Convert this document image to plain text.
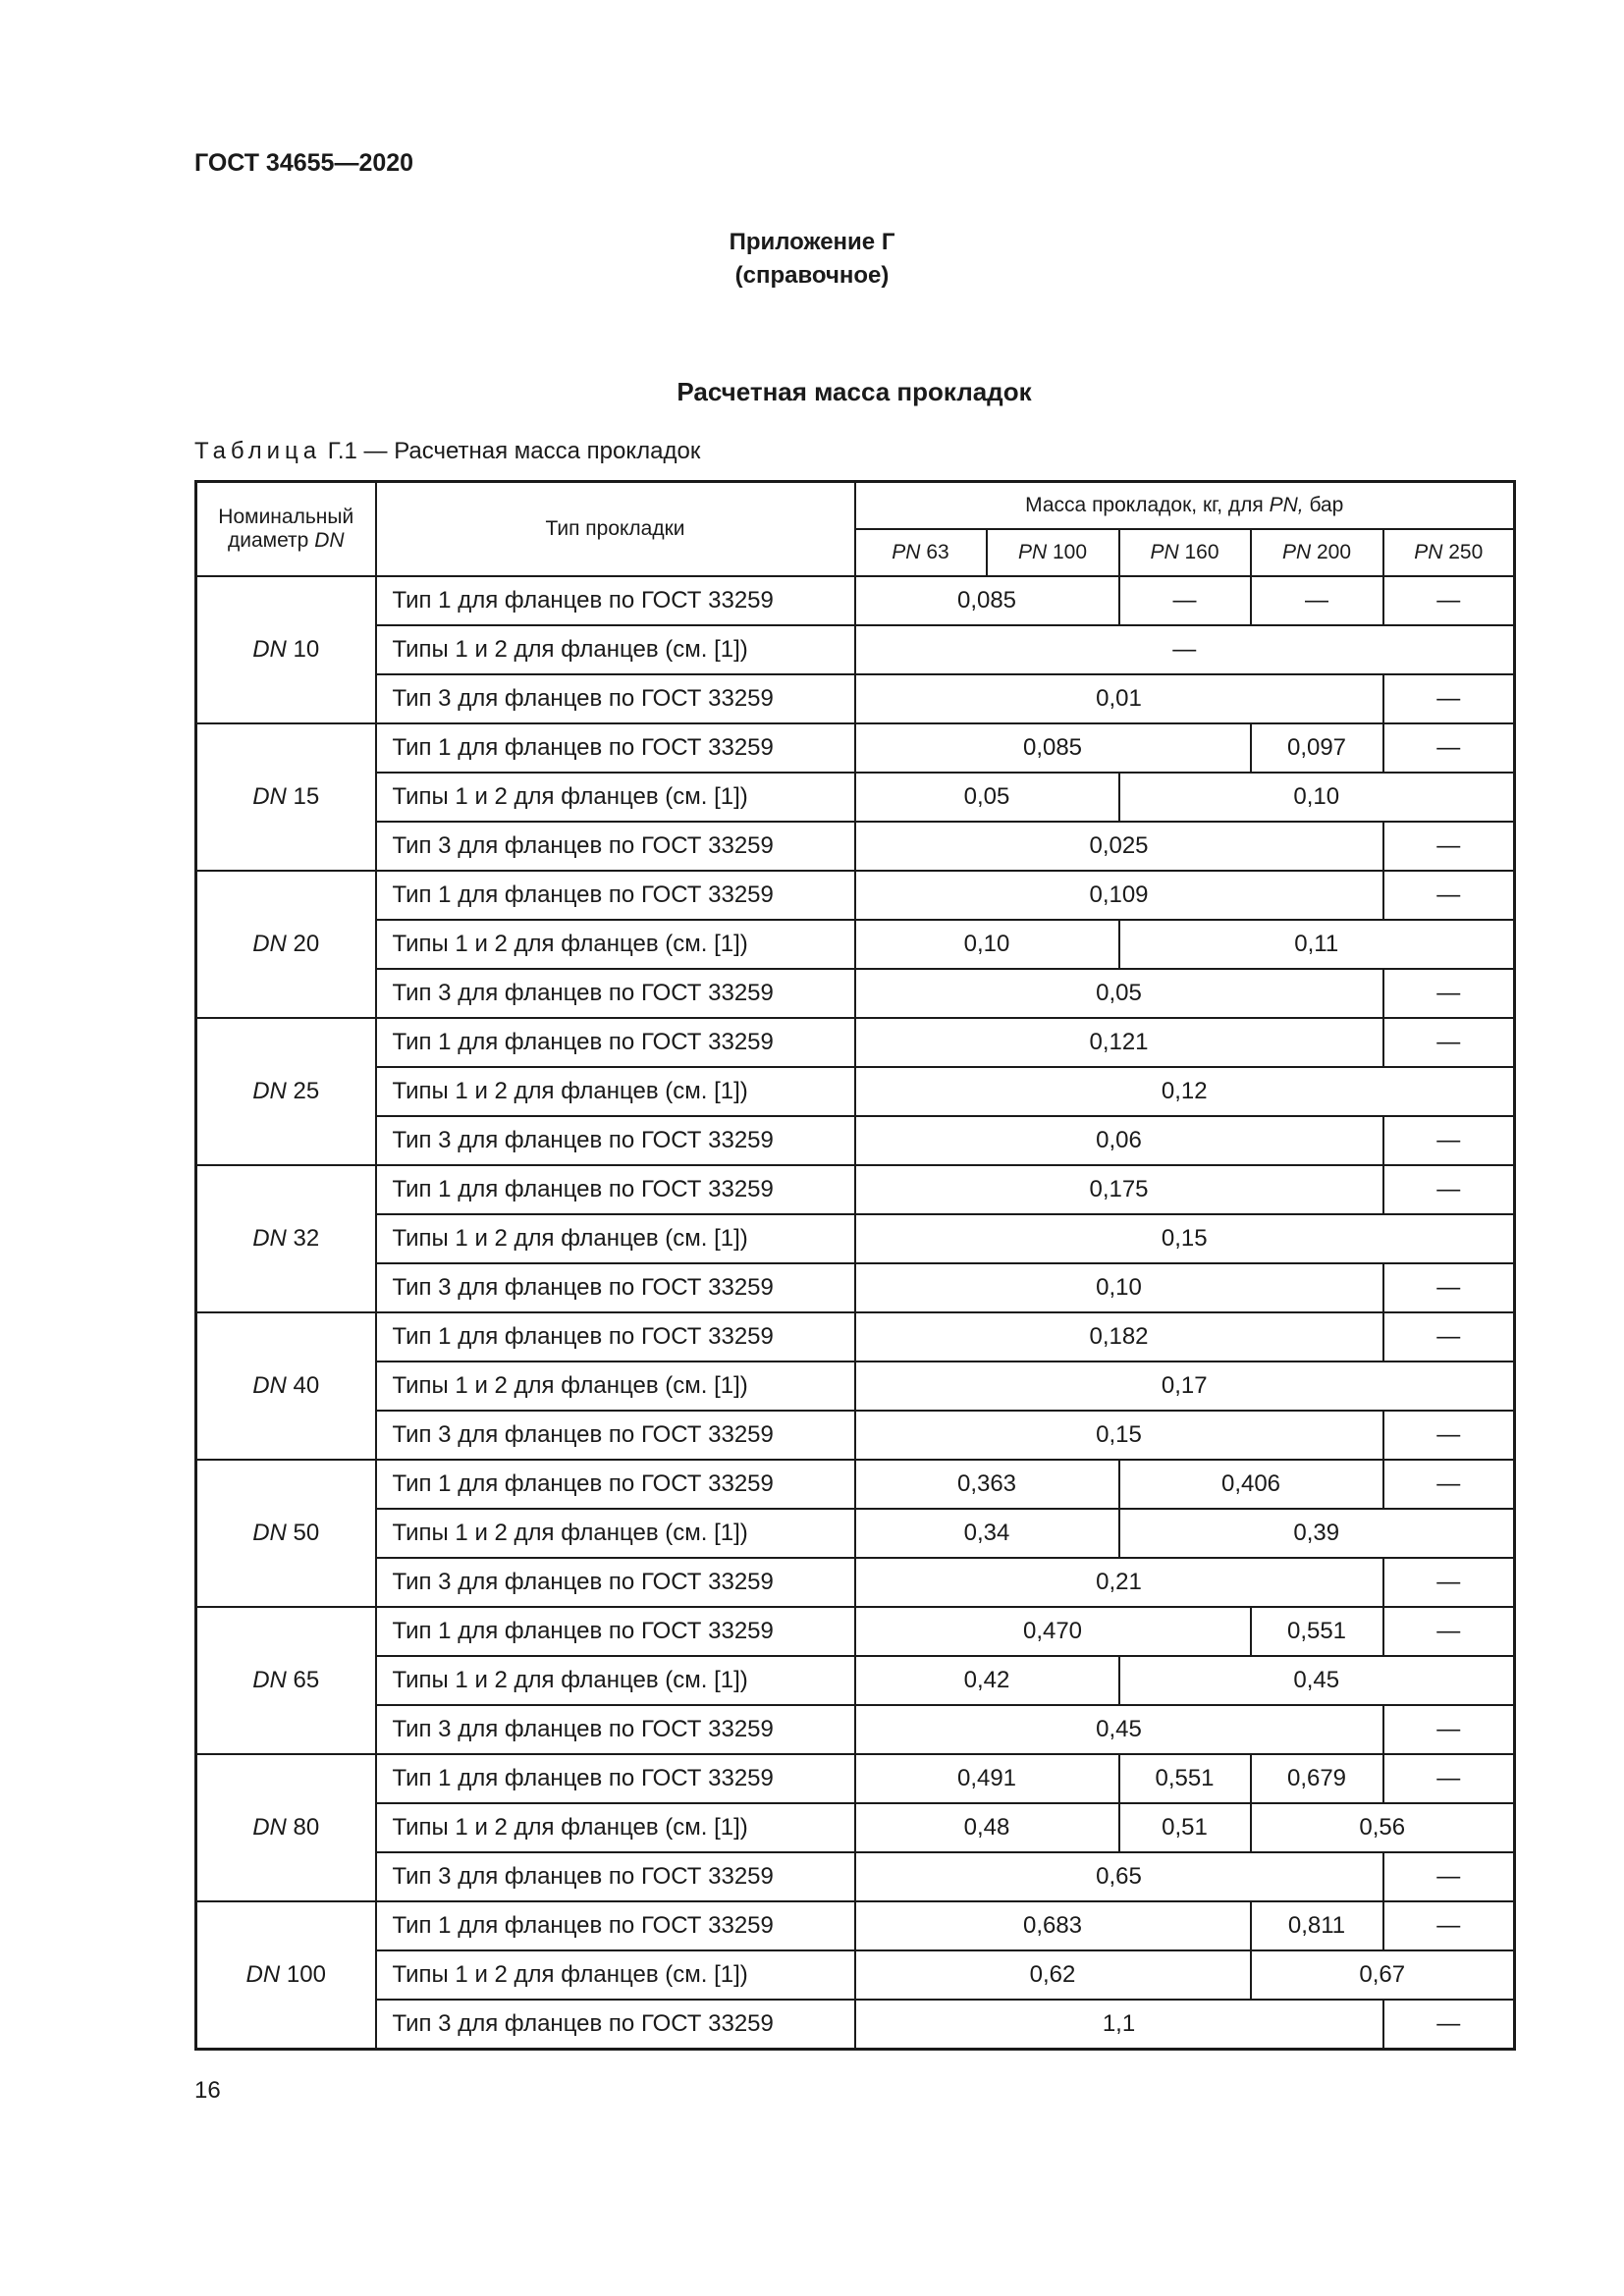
ГОСТ 34655—2020
Приложение Г
(справочное)
Расчетная масса прокладок
Таблица Г.1 — Расчетная масса прокладок
Номинальный диаметр DN	Тип прокладки	Масса прокладок, кг, для PN, бар				
		PN 63	PN 100	PN 160	PN 200	PN 250
DN 10	Тип 1 для фланцев по ГОСТ 33259	0,085		—	—	—
	Типы 1 и 2 для фланцев (см. [1])	—				
	Тип 3 для фланцев по ГОСТ 33259	0,01				—
DN 15	Тип 1 для фланцев по ГОСТ 33259	0,085			0,097	—
	Типы 1 и 2 для фланцев (см. [1])	0,05		0,10		
	Тип 3 для фланцев по ГОСТ 33259	0,025				—
DN 20	Тип 1 для фланцев по ГОСТ 33259	0,109				—
	Типы 1 и 2 для фланцев (см. [1])	0,10		0,11		
	Тип 3 для фланцев по ГОСТ 33259	0,05				—
DN 25	Тип 1 для фланцев по ГОСТ 33259	0,121				—
	Типы 1 и 2 для фланцев (см. [1])	0,12				
	Тип 3 для фланцев по ГОСТ 33259	0,06				—
DN 32	Тип 1 для фланцев по ГОСТ 33259	0,175				—
	Типы 1 и 2 для фланцев (см. [1])	0,15				
	Тип 3 для фланцев по ГОСТ 33259	0,10				—
DN 40	Тип 1 для фланцев по ГОСТ 33259	0,182				—
	Типы 1 и 2 для фланцев (см. [1])	0,17				
	Тип 3 для фланцев по ГОСТ 33259	0,15				—
DN 50	Тип 1 для фланцев по ГОСТ 33259	0,363		0,406		—
	Типы 1 и 2 для фланцев (см. [1])	0,34		0,39		
	Тип 3 для фланцев по ГОСТ 33259	0,21				—
DN 65	Тип 1 для фланцев по ГОСТ 33259	0,470			0,551	—
	Типы 1 и 2 для фланцев (см. [1])	0,42		0,45		
	Тип 3 для фланцев по ГОСТ 33259	0,45				—
DN 80	Тип 1 для фланцев по ГОСТ 33259	0,491		0,551	0,679	—
	Типы 1 и 2 для фланцев (см. [1])	0,48		0,51	0,56	
	Тип 3 для фланцев по ГОСТ 33259	0,65				—
DN 100	Тип 1 для фланцев по ГОСТ 33259	0,683			0,811	—
	Типы 1 и 2 для фланцев (см. [1])	0,62			0,67	
	Тип 3 для фланцев по ГОСТ 33259	1,1				—
16
